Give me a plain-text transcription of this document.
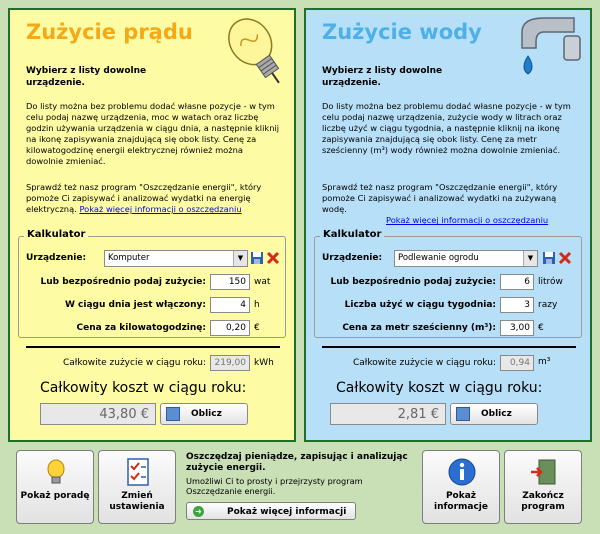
Zużycie prądu
Wybierz z listy dowolne urządzenie.
Do listy można bez problemu dodać własne pozycje - w tym celu podaj nazwę urządzenia, moc w watach oraz liczbę godzin używania urządzenia w ciągu dnia, a następnie kliknij na ikonę zapisywania znajdującą się obok listy. Cenę za kilowatogodzinę energii elektrycznej również można dowolnie zmieniać.
Sprawdź też nasz program "Oszczędzanie energii", który pomoże Ci zapisywać i analizować wydatki na energię elektryczną. Pokaż więcej informacji o oszczędzaniu
Kalkulator
Urządzenie:	Komputer	▼
Lub bezpośrednio podaj zużycie:	150 wat
W ciągu dnia jest włączony:	4 h
Cena za kilowatogodzinę:	0,20 €
Całkowite zużycie w ciągu roku: 219,00 kWh
Całkowity koszt w ciągu roku:
43,80 €	Oblicz
Zużycie wody
Wybierz z listy dowolne urządzenie.
Do listy można bez problemu dodać własne pozycje - w tym celu podaj nazwę urządzenia, zużycie wody w litrach oraz liczbę użyć w ciągu tygodnia, a następnie kliknij na ikonę zapisywania znajdującą się obok listy. Cenę za metr sześcienny (m³) wody również można dowolnie zmieniać.
Sprawdź też nasz program "Oszczędzanie energii", który pomoże Ci zapisywać i analizować wydatki na zużywaną wodę.
Pokaż więcej informacji o oszczędzaniu
Kalkulator
Urządzenie:	Podlewanie ogrodu	▼
Lub bezpośrednio podaj zużycie:	6 litrów
Liczba użyć w ciągu tygodnia:	3 razy
Cena za metr sześcienny (m³):	3,00 €
Całkowite zużycie w ciągu roku:	0,94 m³
Całkowity koszt w ciągu roku:
2,81 €	Oblicz
Pokaż poradę	Zmień ustawienia
Oszczędzaj pieniądze, zapisując i analizując zużycie energii.
Umożliwi Ci to prosty i przejrzysty program Oszczędzanie energii.
➜	Pokaż więcej informacji
Pokaż informacje
Zakończ program
